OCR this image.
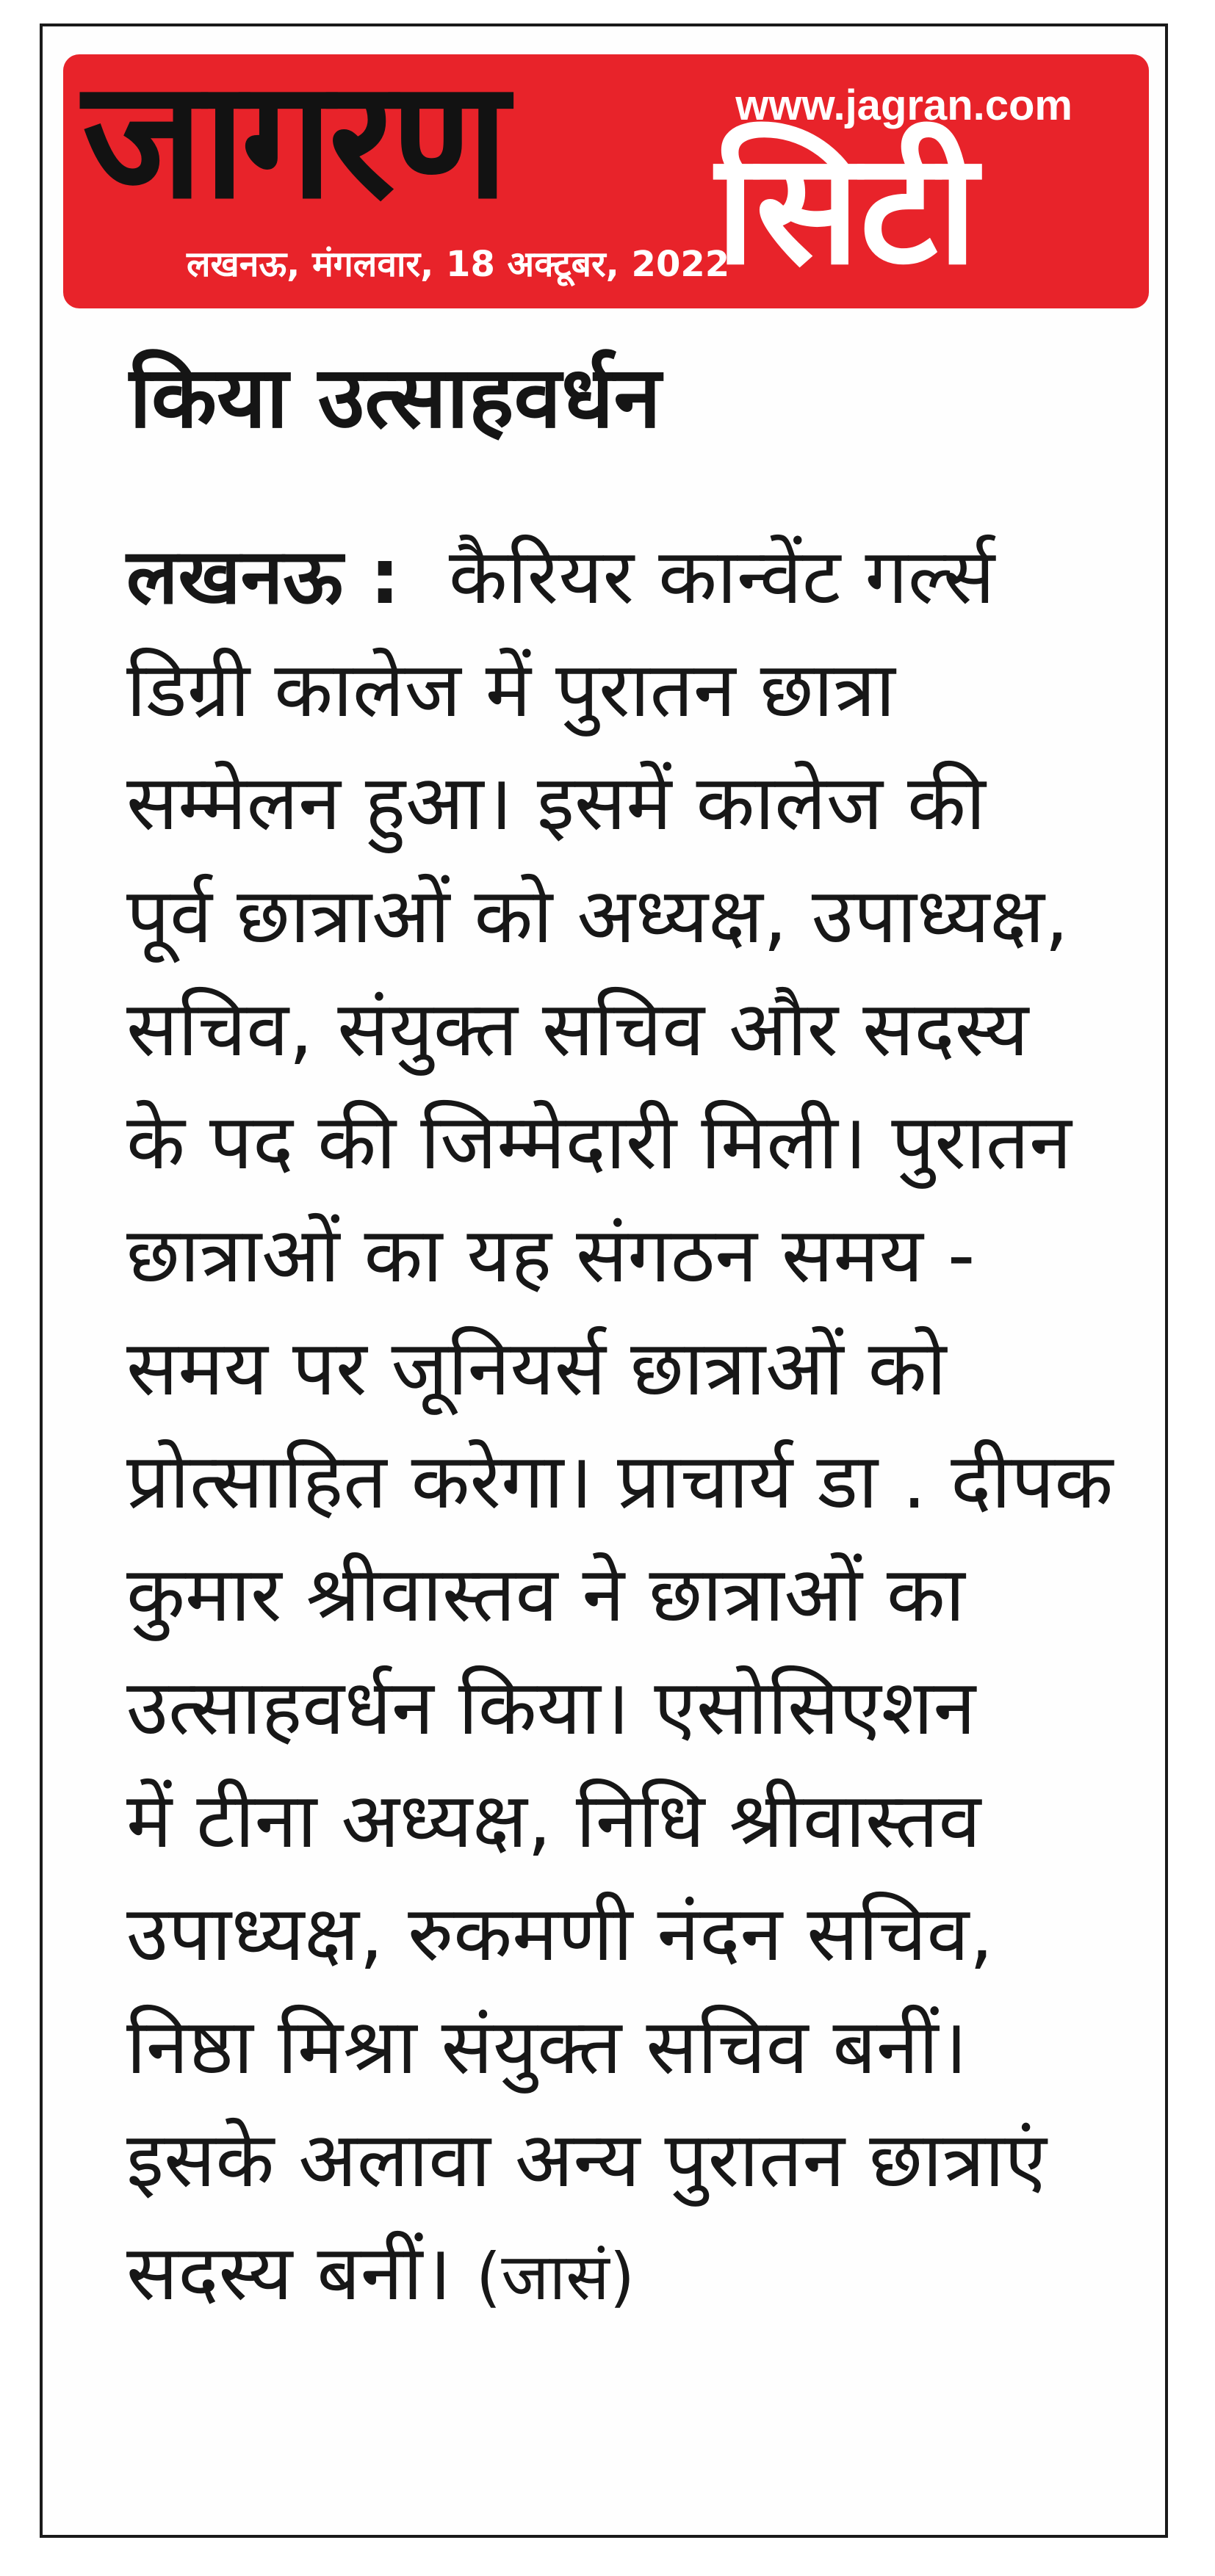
जागरण	www.jagran.com
सिटी
लखनऊ, मंगलवार, 18 अक्टूबर, 2022
किया उत्साहवर्धन
लखनऊ : कैरियर कान्वेंट गर्ल्स
डिग्री कालेज में पुरातन छात्रा
सम्मेलन हुआ। इसमें कालेज की
पूर्व छात्राओं को अध्यक्ष, उपाध्यक्ष,
सचिव, संयुक्त सचिव और सदस्य
के पद की जिम्मेदारी मिली। पुरातन
छात्राओं का यह संगठन समय -
समय पर जूनियर्स छात्राओं को
प्रोत्साहित करेगा। प्राचार्य डा . दीपक
कुमार श्रीवास्तव ने छात्राओं का
उत्साहवर्धन किया। एसोसिएशन
में टीना अध्यक्ष, निधि श्रीवास्तव
उपाध्यक्ष, रुकमणी नंदन सचिव,
निष्ठा मिश्रा संयुक्त सचिव बनीं।
इसके अलावा अन्य पुरातन छात्राएं
सदस्य बनीं। (जासं)
